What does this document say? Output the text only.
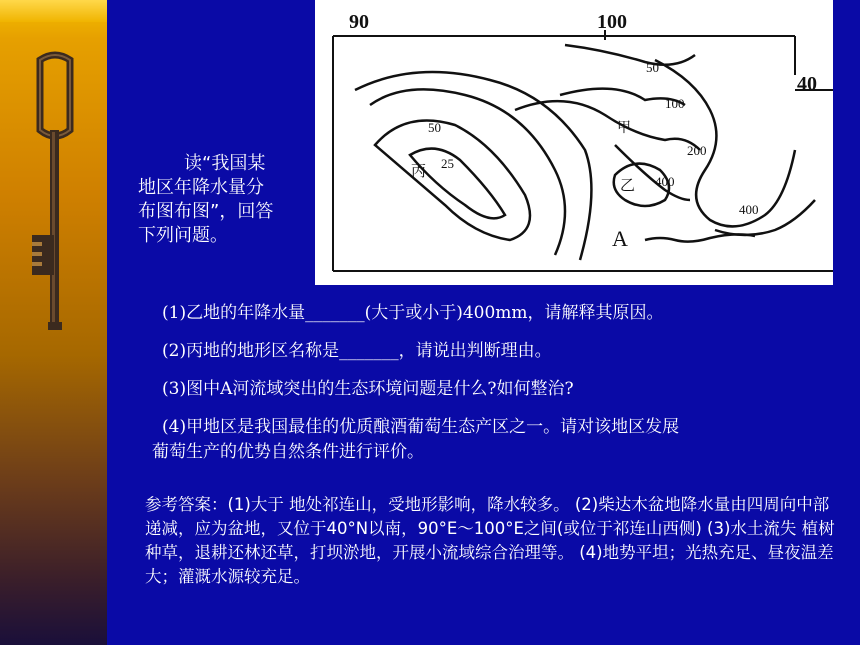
90	100
40
25
50
50
100
200
400
400
丙
甲
乙
A

读“我国某地区年降水量分布图布图”，回答下列问题。

(1)乙地的年降水量_______(大于或小于)400mm，请解释其原因。

(2)丙地的地形区名称是_______，请说出判断理由。

(3)图中A河流域突出的生态环境问题是什么?如何整治?

(4)甲地区是我国最佳的优质酿酒葡萄生态产区之一。请对该地区发展

葡萄生产的优势自然条件进行评价。

参考答案：(1)大于 地处祁连山，受地形影响，降水较多。 (2)柴达木盆地降水量由四周向中部递减，应为盆地，又位于40°N以南，90°E～100°E之间(或位于祁连山西侧) (3)水土流失 植树种草，退耕还林还草，打坝淤地，开展小流域综合治理等。 (4)地势平坦；光热充足、昼夜温差大；灌溉水源较充足。
